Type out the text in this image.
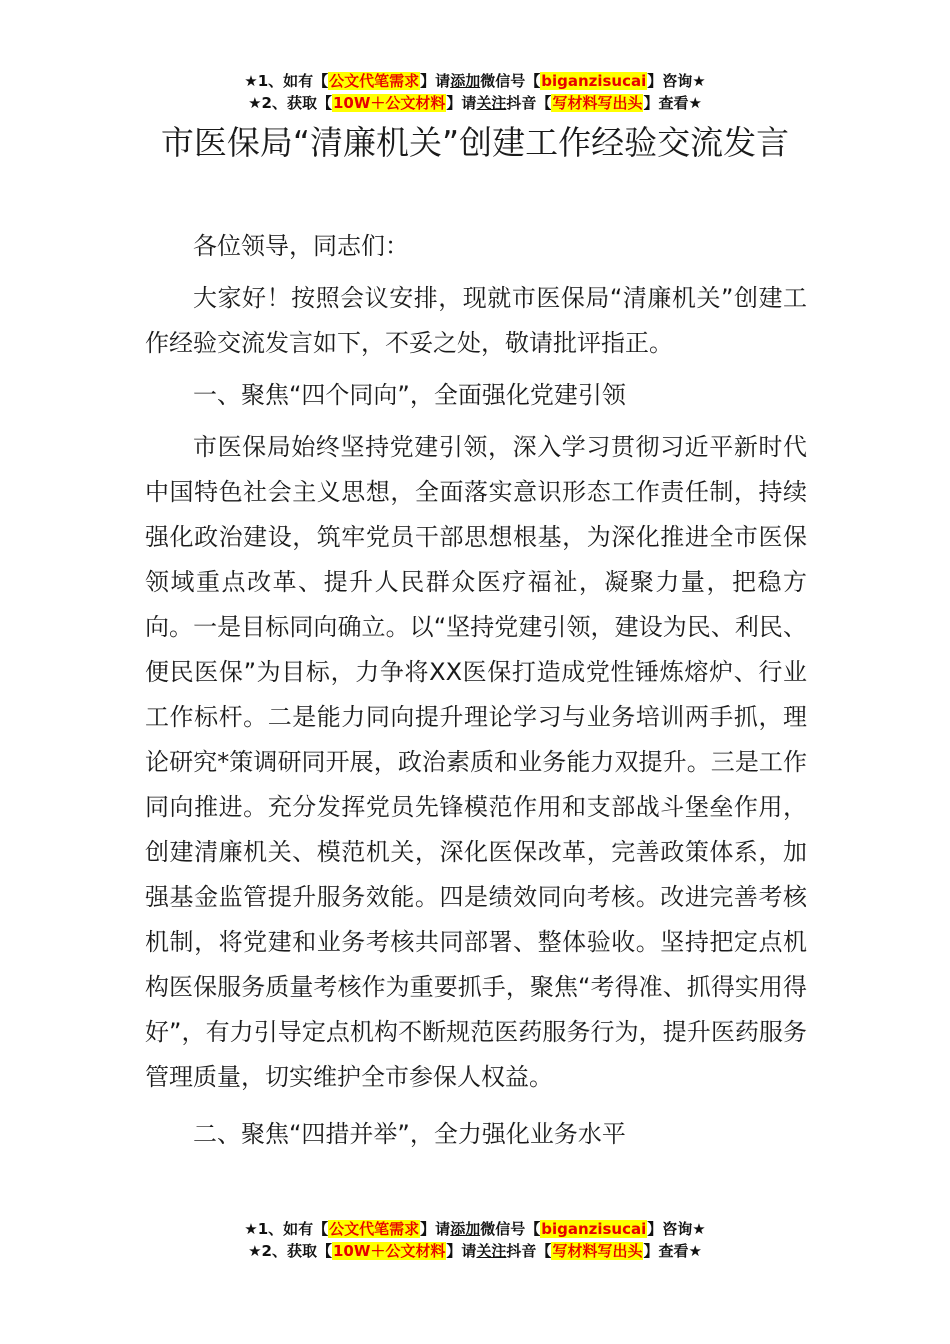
★1、如有【公文代笔需求】请添加微信号【biganzisucai】咨询★
★2、获取【10W＋公文材料】请关注抖音【写材料写出头】查看★
市医保局“清廉机关”创建工作经验交流发言

各位领导，同志们：

大家好！按照会议安排，现就市医保局“清廉机关”创建工作经验交流发言如下，不妥之处，敬请批评指正。

一、聚焦“四个同向”，全面强化党建引领

市医保局始终坚持党建引领，深入学习贯彻习近平新时代中国特色社会主义思想，全面落实意识形态工作责任制，持续强化政治建设，筑牢党员干部思想根基，为深化推进全市医保领域重点改革、提升人民群众医疗福祉，凝聚力量，把稳方向。一是目标同向确立。以“坚持党建引领，建设为民、利民、便民医保”为目标，力争将XX医保打造成党性锤炼熔炉、行业工作标杆。二是能力同向提升理论学习与业务培训两手抓，理论研究*策调研同开展，政治素质和业务能力双提升。三是工作同向推进。充分发挥党员先锋模范作用和支部战斗堡垒作用，创建清廉机关、模范机关，深化医保改革，完善政策体系，加强基金监管提升服务效能。四是绩效同向考核。改进完善考核机制，将党建和业务考核共同部署、整体验收。坚持把定点机构医保服务质量考核作为重要抓手，聚焦“考得准、抓得实用得好”，有力引导定点机构不断规范医药服务行为，提升医药服务管理质量，切实维护全市参保人权益。

二、聚焦“四措并举”，全力强化业务水平

★1、如有【公文代笔需求】请添加微信号【biganzisucai】咨询★
★2、获取【10W＋公文材料】请关注抖音【写材料写出头】查看★
